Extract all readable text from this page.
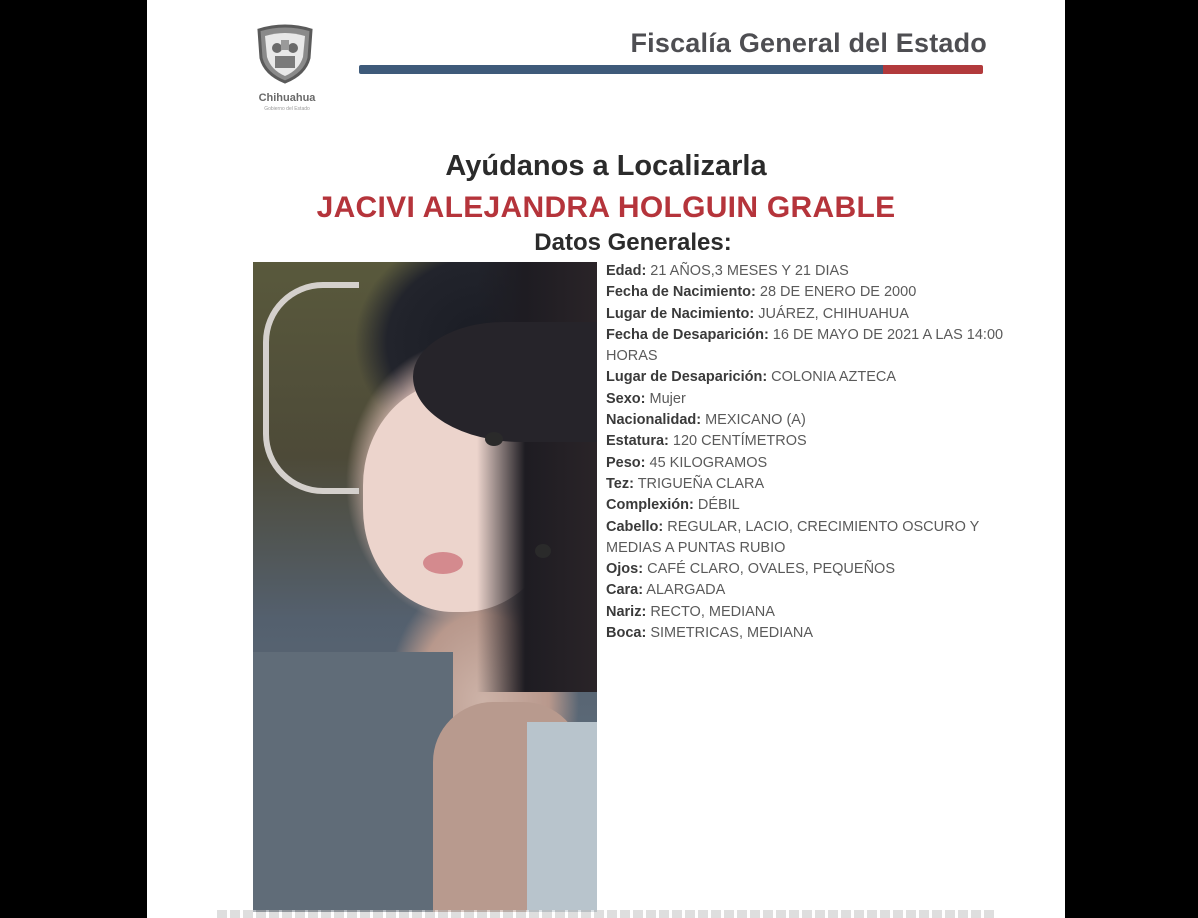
Chihuahua
Gobierno del Estado
Fiscalía General del Estado
Ayúdanos a Localizarla
JACIVI ALEJANDRA HOLGUIN GRABLE
Datos Generales:

Edad: 21 AÑOS,3 MESES Y 21 DIAS

Fecha de Nacimiento: 28 DE ENERO DE 2000

Lugar de Nacimiento: JUÁREZ, CHIHUAHUA

Fecha de Desaparición: 16 DE MAYO DE 2021 A LAS 14:00 HORAS

Lugar de Desaparición: COLONIA AZTECA

Sexo: Mujer

Nacionalidad: MEXICANO (A)

Estatura: 120 CENTÍMETROS

Peso: 45 KILOGRAMOS

Tez: TRIGUEÑA CLARA

Complexión: DÉBIL

Cabello: REGULAR, LACIO, CRECIMIENTO OSCURO Y MEDIAS A PUNTAS RUBIO

Ojos: CAFÉ CLARO, OVALES, PEQUEÑOS

Cara: ALARGADA

Nariz: RECTO, MEDIANA

Boca: SIMETRICAS, MEDIANA
